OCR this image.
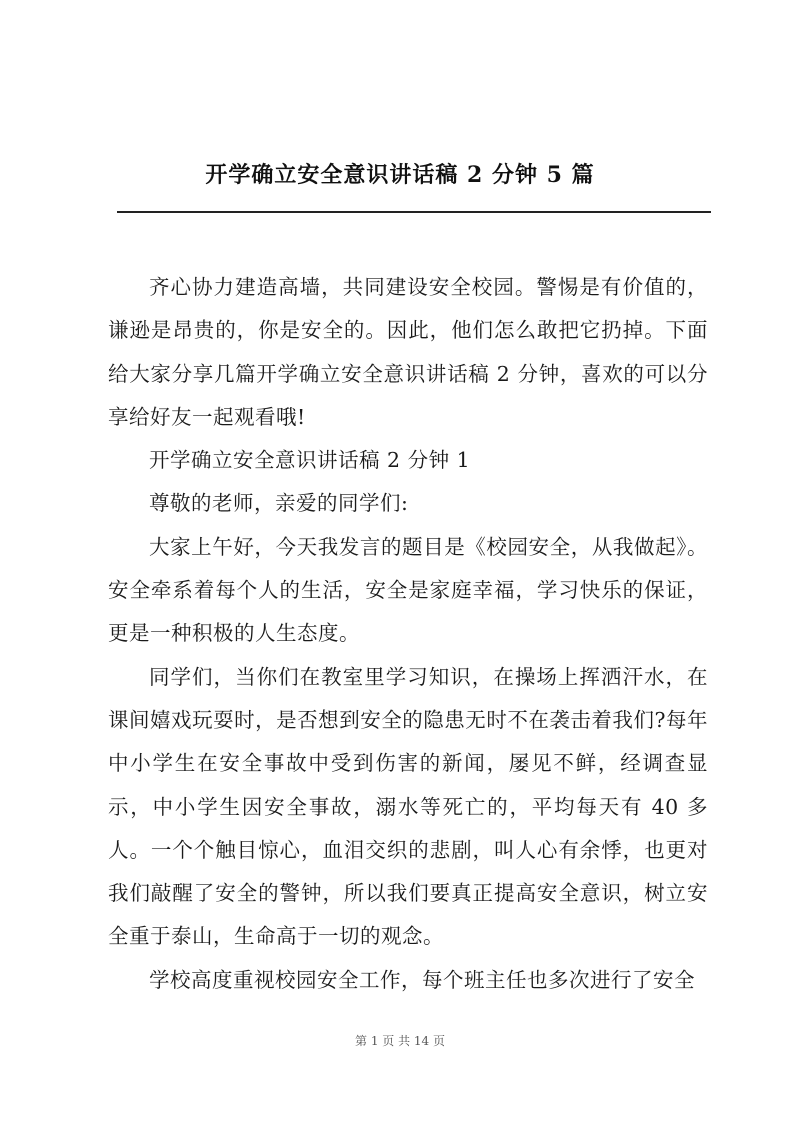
开学确立安全意识讲话稿 2 分钟 5 篇

齐心协力建造高墙，共同建设安全校园。警惕是有价值的，谦逊是昂贵的，你是安全的。因此，他们怎么敢把它扔掉。下面给大家分享几篇开学确立安全意识讲话稿 2 分钟，喜欢的可以分享给好友一起观看哦!

开学确立安全意识讲话稿 2 分钟 1

尊敬的老师，亲爱的同学们:

大家上午好，今天我发言的题目是《校园安全，从我做起》。安全牵系着每个人的生活，安全是家庭幸福，学习快乐的保证，更是一种积极的人生态度。

同学们，当你们在教室里学习知识，在操场上挥洒汗水，在课间嬉戏玩耍时，是否想到安全的隐患无时不在袭击着我们?每年中小学生在安全事故中受到伤害的新闻，屡见不鲜，经调查显示，中小学生因安全事故，溺水等死亡的，平均每天有 40 多人。一个个触目惊心，血泪交织的悲剧，叫人心有余悸，也更对我们敲醒了安全的警钟，所以我们要真正提高安全意识，树立安全重于泰山，生命高于一切的观念。

学校高度重视校园安全工作，每个班主任也多次进行了安全

第 1 页 共 14 页
